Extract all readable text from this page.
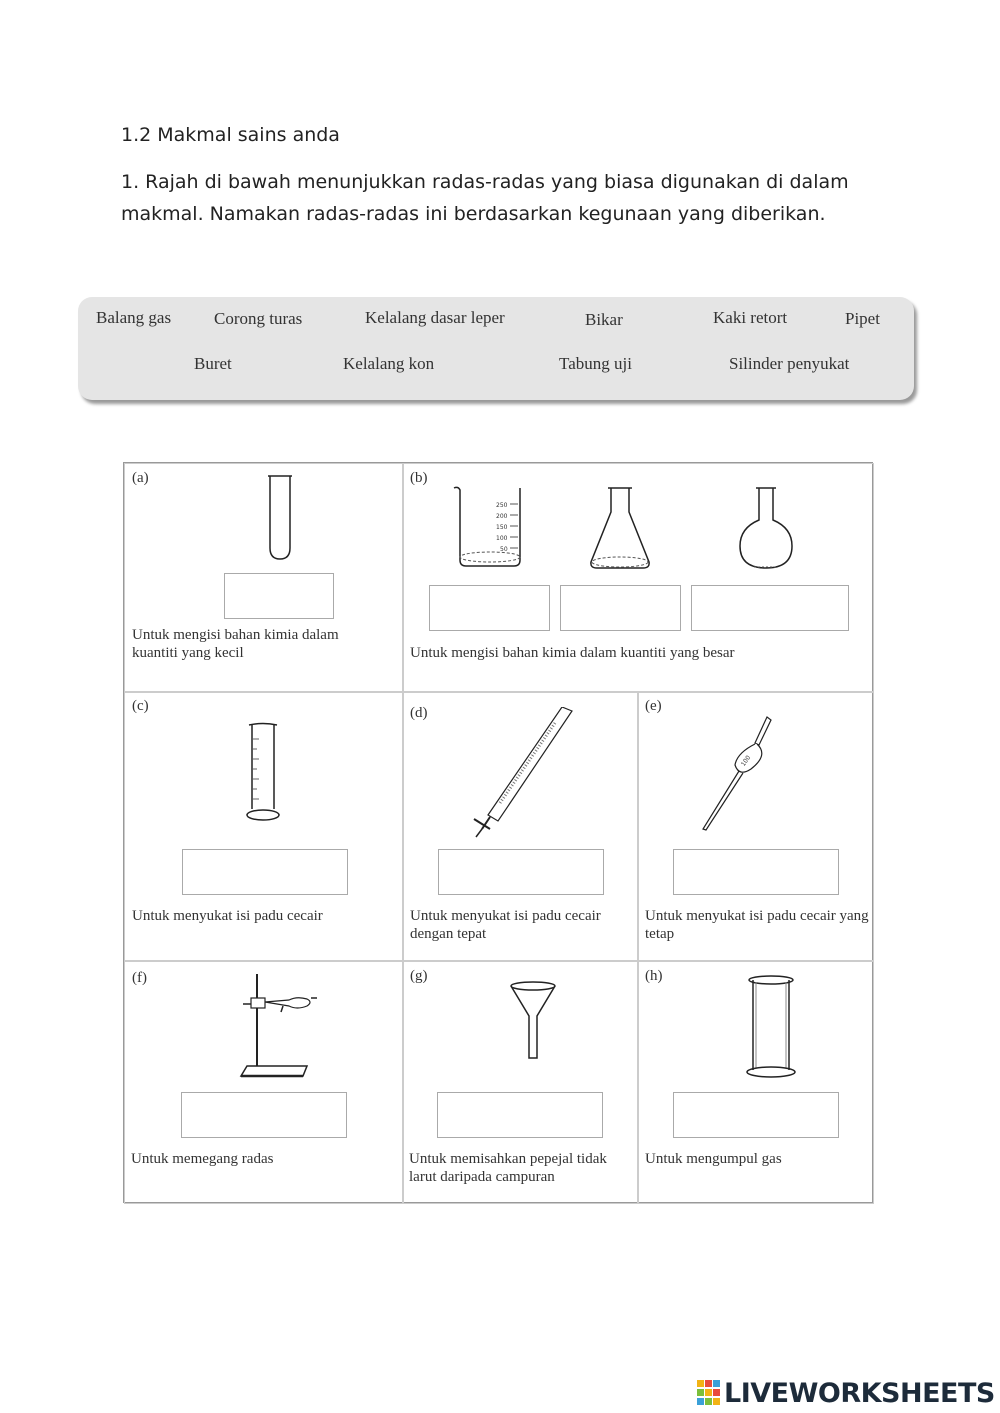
1.2 Makmal sains anda
1. Rajah di bawah menunjukkan radas-radas yang biasa digunakan di dalam makmal. Namakan radas-radas ini berdasarkan kegunaan yang diberikan.
Balang gas	Corong turas	Kelalang dasar leper	Bikar	Kaki retort	Pipet
Buret	Kelalang kon	Tabung uji	Silinder penyukat
(a)
Untuk mengisi bahan kimia dalam kuantiti yang kecil
(b)
250
200
150
100
50
Untuk mengisi bahan kimia dalam kuantiti yang besar
(c)
Untuk menyukat isi padu cecair
(d)
Untuk menyukat isi padu cecair dengan tepat
(e)
100
Untuk menyukat isi padu cecair yang tetap
(f)
Untuk memegang radas
(g)
Untuk memisahkan pepejal tidak larut daripada campuran
(h)
Untuk mengumpul gas
LIVEWORKSHEETS
